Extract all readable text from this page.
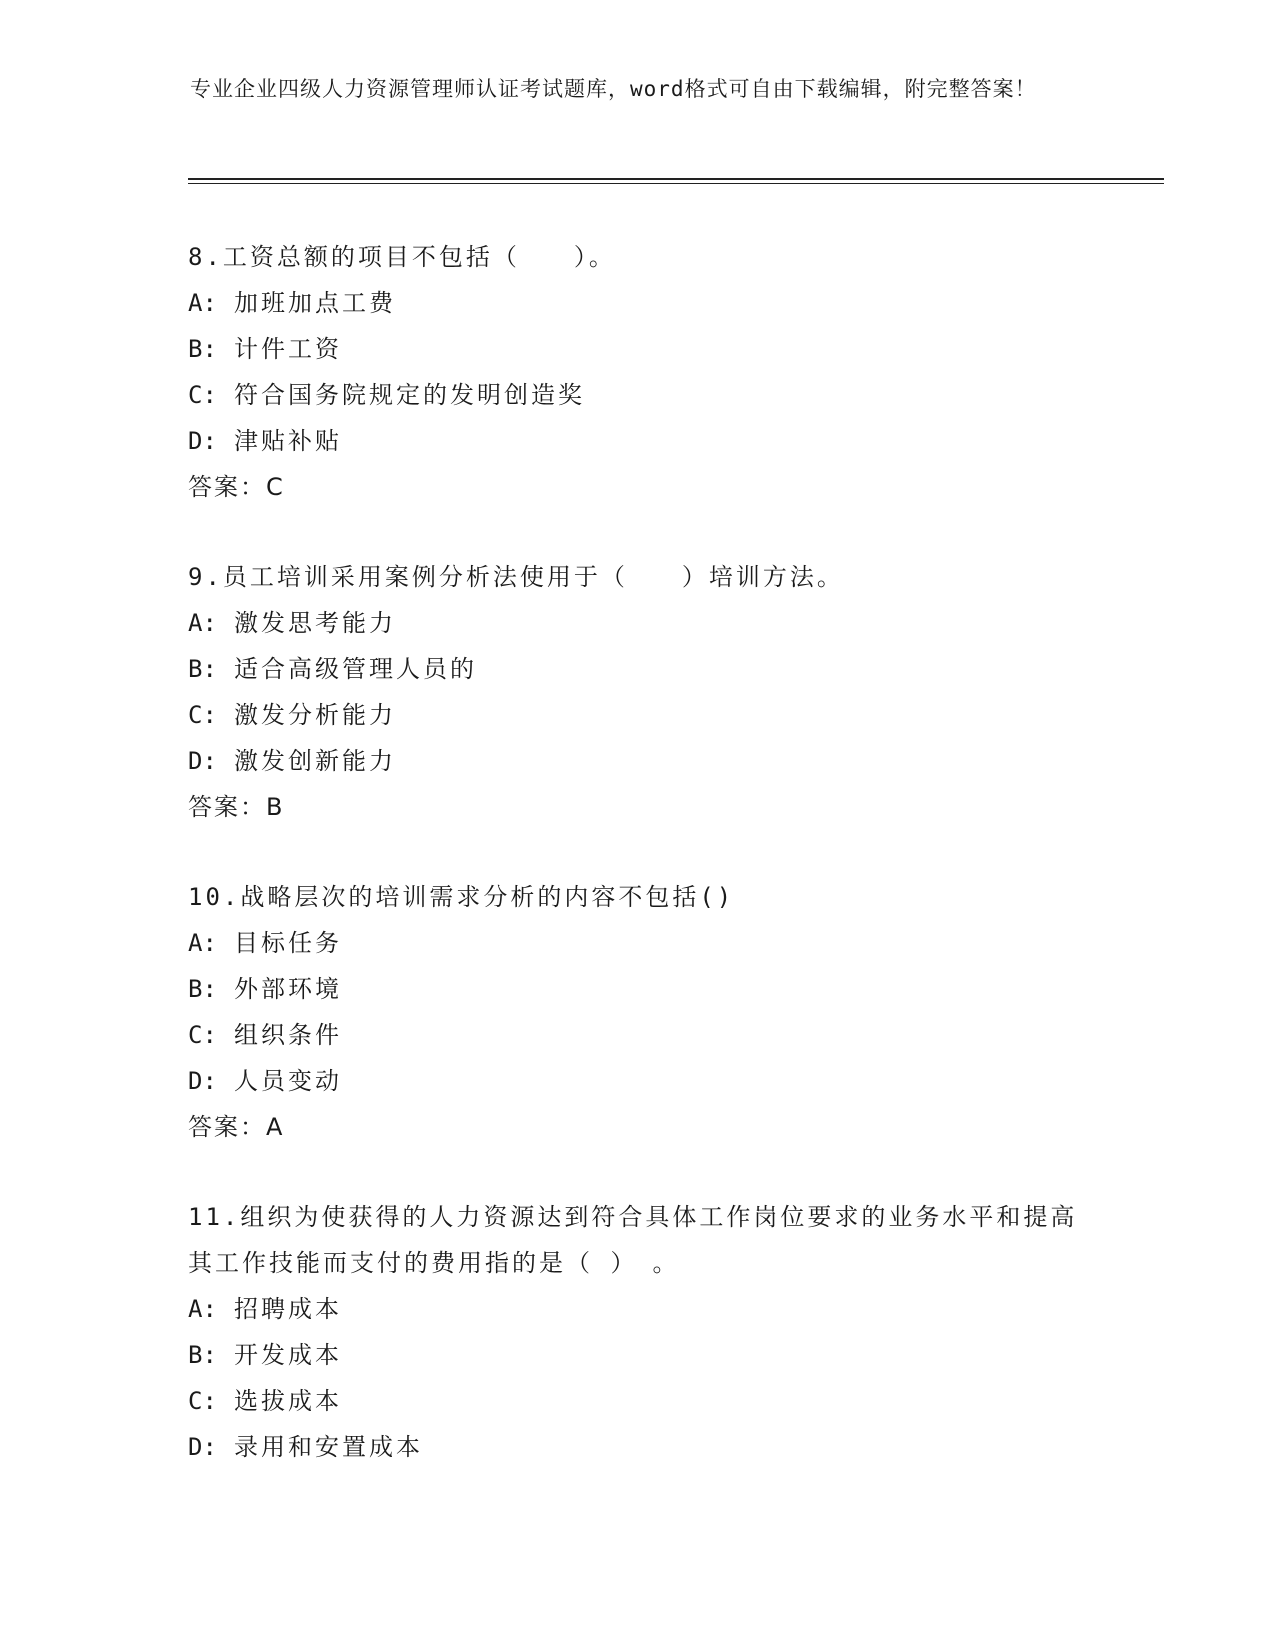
专业企业四级人力资源管理师认证考试题库，word格式可自由下载编辑，附完整答案！

8.工资总额的项目不包括（　　）。

A: 加班加点工费

B: 计件工资

C: 符合国务院规定的发明创造奖

D: 津贴补贴

答案：C

9.员工培训采用案例分析法使用于（　　）培训方法。

A: 激发思考能力

B: 适合高级管理人员的

C: 激发分析能力

D: 激发创新能力

答案：B

10.战略层次的培训需求分析的内容不包括()

A: 目标任务

B: 外部环境

C: 组织条件

D: 人员变动

答案：A

11.组织为使获得的人力资源达到符合具体工作岗位要求的业务水平和提高其工作技能而支付的费用指的是（ ）　。

A: 招聘成本

B: 开发成本

C: 选拔成本

D: 录用和安置成本
